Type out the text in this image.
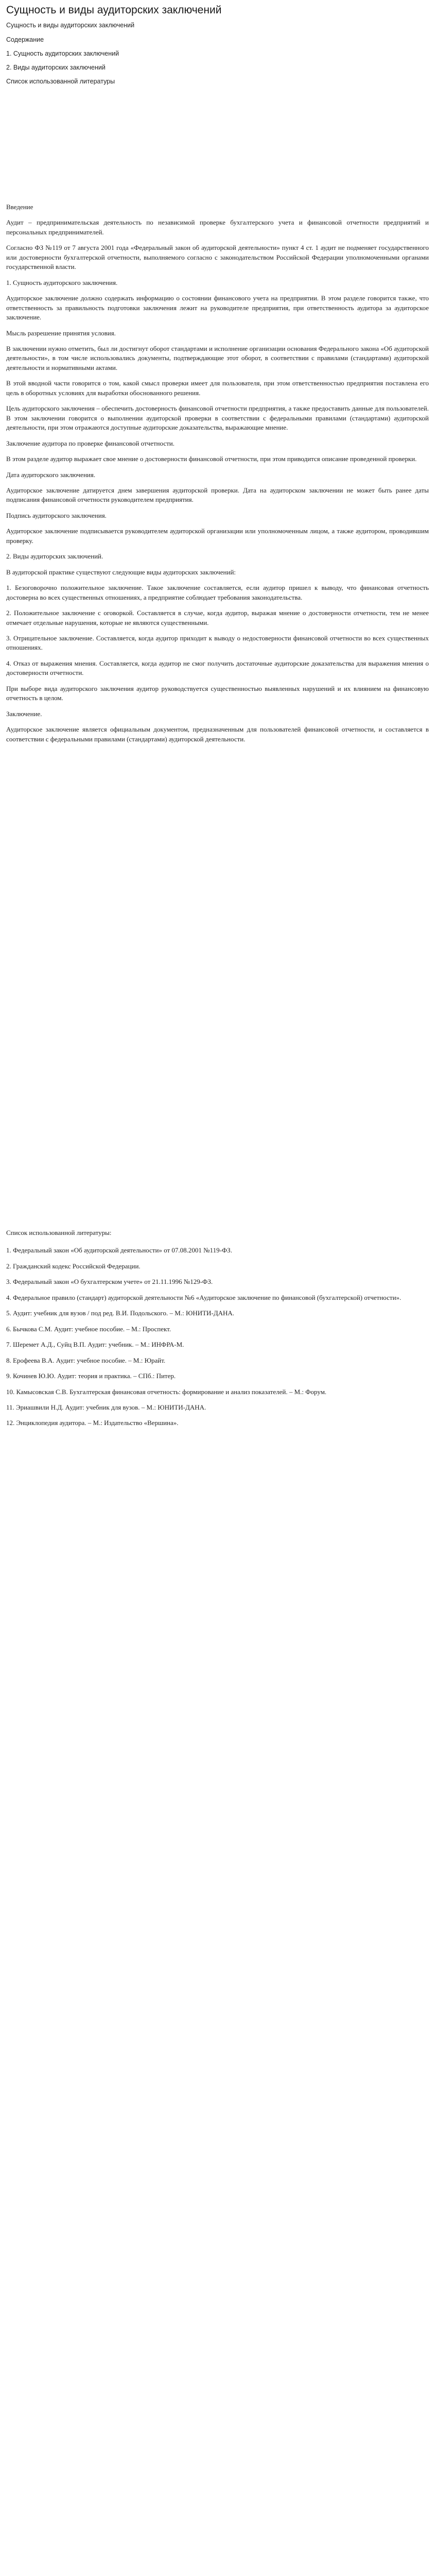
Сущность и виды аудиторских заключений

Сущность и виды аудиторских заключений

Содержание

1. Сущность аудиторских заключений

2. Виды аудиторских заключений

Список использованной литературы

Введение

Аудит – предпринимательская деятельность по независимой проверке бухгалтерского учета и финансовой отчетности предприятий и персональных предпринимателей.

Согласно ФЗ №119 от 7 августа 2001 года «Федеральный закон об аудиторской деятельности» пункт 4 ст. 1 аудит не подменяет государственного или достоверности бухгалтерской отчетности, выполняемого согласно с законодательством Российской Федерации уполномоченными органами государственной власти.

1. Сущность аудиторского заключения.

Аудиторское заключение должно содержать информацию о состоянии финансового учета на предприятии. В этом разделе говорится также, что ответственность за правильность подготовки заключения лежит на руководителе предприятия, при ответственность аудитора за аудиторское заключение.

Мысль разрешение принятия условия.

В заключении нужно отметить, был ли достигнут оборот стандартами и исполнение организации основания Федерального закона «Об аудиторской деятельности», в том числе использовались документы, подтверждающие этот оборот, в соответствии с правилами (стандартами) аудиторской деятельности и нормативными актами.

В этой вводной части говорится о том, какой смысл проверки имеет для пользователя, при этом ответственностью предприятия поставлена его цель в оборотных условиях для выработки обоснованного решения.

Цель аудиторского заключения – обеспечить достоверность финансовой отчетности предприятия, а также предоставить данные для пользователей. В этом заключении говорится о выполнении аудиторской проверки в соответствии с федеральными правилами (стандартами) аудиторской деятельности, при этом отражаются доступные аудиторские доказательства, выражающие мнение.

Заключение аудитора по проверке финансовой отчетности.

В этом разделе аудитор выражает свое мнение о достоверности финансовой отчетности, при этом приводится описание проведенной проверки.

Дата аудиторского заключения.

Аудиторское заключение датируется днем завершения аудиторской проверки. Дата на аудиторском заключении не может быть ранее даты подписания финансовой отчетности руководителем предприятия.

Подпись аудиторского заключения.

Аудиторское заключение подписывается руководителем аудиторской организации или уполномоченным лицом, а также аудитором, проводившим проверку.

2. Виды аудиторских заключений.

В аудиторской практике существуют следующие виды аудиторских заключений:

1. Безоговорочно положительное заключение. Такое заключение составляется, если аудитор пришел к выводу, что финансовая отчетность достоверна во всех существенных отношениях, а предприятие соблюдает требования законодательства.

2. Положительное заключение с оговоркой. Составляется в случае, когда аудитор, выражая мнение о достоверности отчетности, тем не менее отмечает отдельные нарушения, которые не являются существенными.

3. Отрицательное заключение. Составляется, когда аудитор приходит к выводу о недостоверности финансовой отчетности во всех существенных отношениях.

4. Отказ от выражения мнения. Составляется, когда аудитор не смог получить достаточные аудиторские доказательства для выражения мнения о достоверности отчетности.

При выборе вида аудиторского заключения аудитор руководствуется существенностью выявленных нарушений и их влиянием на финансовую отчетность в целом.

Заключение.

Аудиторское заключение является официальным документом, предназначенным для пользователей финансовой отчетности, и составляется в соответствии с федеральными правилами (стандартами) аудиторской деятельности.

Список использованной литературы:

1. Федеральный закон «Об аудиторской деятельности» от 07.08.2001 №119-ФЗ.

2. Гражданский кодекс Российской Федерации.

3. Федеральный закон «О бухгалтерском учете» от 21.11.1996 №129-ФЗ.

4. Федеральное правило (стандарт) аудиторской деятельности №6 «Аудиторское заключение по финансовой (бухгалтерской) отчетности».

5. Аудит: учебник для вузов / под ред. В.И. Подольского. – М.: ЮНИТИ-ДАНА.

6. Бычкова С.М. Аудит: учебное пособие. – М.: Проспект.

7. Шеремет А.Д., Суйц В.П. Аудит: учебник. – М.: ИНФРА-М.

8. Ерофеева В.А. Аудит: учебное пособие. – М.: Юрайт.

9. Кочинев Ю.Ю. Аудит: теория и практика. – СПб.: Питер.

10. Камысовская С.В. Бухгалтерская финансовая отчетность: формирование и анализ показателей. – М.: Форум.

11. Эриашвили Н.Д. Аудит: учебник для вузов. – М.: ЮНИТИ-ДАНА.

12. Энциклопедия аудитора. – М.: Издательство «Вершина».
